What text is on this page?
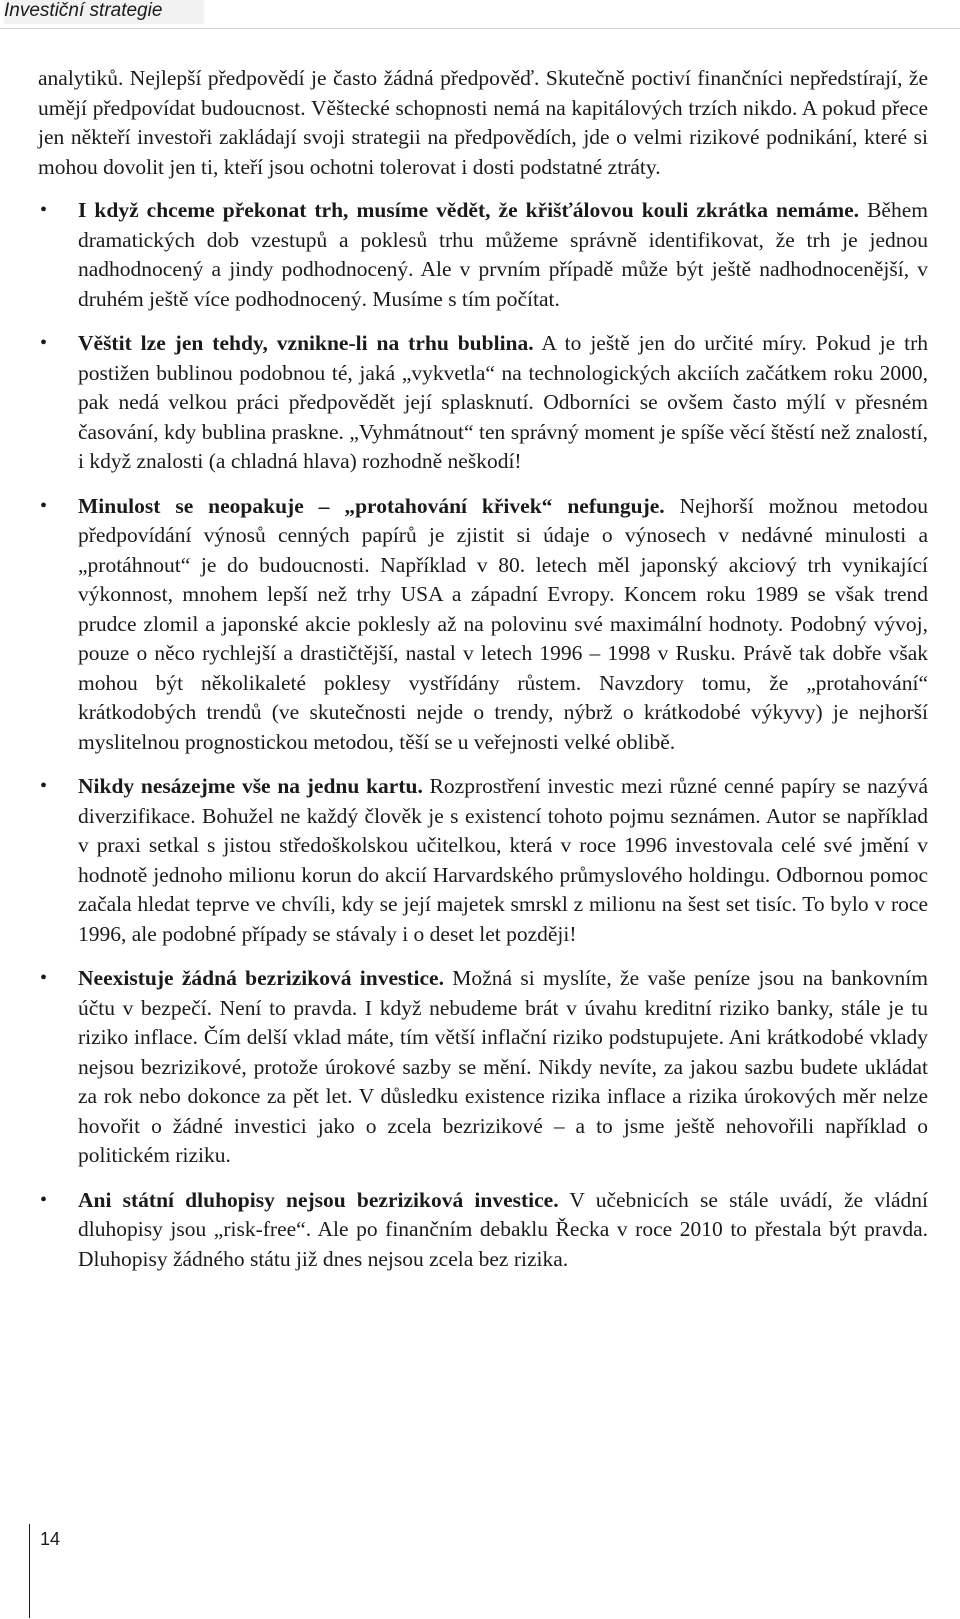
Investiční strategie

analytiků. Nejlepší předpovědí je často žádná předpověď. Skutečně poctiví finančníci nepředstírají, že umějí předpovídat budoucnost. Věštecké schopnosti nemá na kapitálových trzích nikdo. A pokud přece jen někteří investoři zakládají svoji strategii na předpovědích, jde o velmi rizikové podnikání, které si mohou dovolit jen ti, kteří jsou ochotni tolerovat i dosti podstatné ztráty.

• I když chceme překonat trh, musíme vědět, že křišťálovou kouli zkrátka nemáme. Během dramatických dob vzestupů a poklesů trhu můžeme správně identifikovat, že trh je jednou nadhodnocený a jindy podhodnocený. Ale v prvním případě může být ještě nadhodnocenější, v druhém ještě více podhodnocený. Musíme s tím počítat.
• Věštit lze jen tehdy, vznikne-li na trhu bublina. A to ještě jen do určité míry. Pokud je trh postižen bublinou podobnou té, jaká „vykvetla“ na technologických akciích začátkem roku 2000, pak nedá velkou práci předpovědět její splasknutí. Odborníci se ovšem často mýlí v přesném časování, kdy bublina praskne. „Vyhmátnout“ ten správný moment je spíše věcí štěstí než znalostí, i když znalosti (a chladná hlava) rozhodně neškodí!
• Minulost se neopakuje – „protahování křivek“ nefunguje. Nejhorší možnou metodou předpovídání výnosů cenných papírů je zjistit si údaje o výnosech v nedávné minulosti a „protáhnout“ je do budoucnosti. Například v 80. letech měl japonský akciový trh vynikající výkonnost, mnohem lepší než trhy USA a západní Evropy. Koncem roku 1989 se však trend prudce zlomil a japonské akcie poklesly až na polovinu své maximální hodnoty. Podobný vývoj, pouze o něco rychlejší a drastičtější, nastal v letech 1996 – 1998 v Rusku. Právě tak dobře však mohou být několikaleté poklesy vystřídány růstem. Navzdory tomu, že „protahování“ krátkodobých trendů (ve skutečnosti nejde o trendy, nýbrž o krátkodobé výkyvy) je nejhorší myslitelnou prognostickou metodou, těší se u veřejnosti velké oblibě.
• Nikdy nesázejme vše na jednu kartu. Rozprostření investic mezi různé cenné papíry se nazývá diverzifikace. Bohužel ne každý člověk je s existencí tohoto pojmu seznámen. Autor se například v praxi setkal s jistou středoškolskou učitelkou, která v roce 1996 investovala celé své jmění v hodnotě jednoho milionu korun do akcií Harvardského průmyslového holdingu. Odbornou pomoc začala hledat teprve ve chvíli, kdy se její majetek smrskl z milionu na šest set tisíc. To bylo v roce 1996, ale podobné případy se stávaly i o deset let později!
• Neexistuje žádná bezriziková investice. Možná si myslíte, že vaše peníze jsou na bankovním účtu v bezpečí. Není to pravda. I když nebudeme brát v úvahu kreditní riziko banky, stále je tu riziko inflace. Čím delší vklad máte, tím větší inflační riziko podstupujete. Ani krátkodobé vklady nejsou bezrizikové, protože úrokové sazby se mění. Nikdy nevíte, za jakou sazbu budete ukládat za rok nebo dokonce za pět let. V důsledku existence rizika inflace a rizika úrokových měr nelze hovořit o žádné investici jako o zcela bezrizikové – a to jsme ještě nehovořili například o politickém riziku.
• Ani státní dluhopisy nejsou bezriziková investice. V učebnicích se stále uvádí, že vládní dluhopisy jsou „risk-free“. Ale po finančním debaklu Řecka v roce 2010 to přestala být pravda. Dluhopisy žádného státu již dnes nejsou zcela bez rizika.
14
